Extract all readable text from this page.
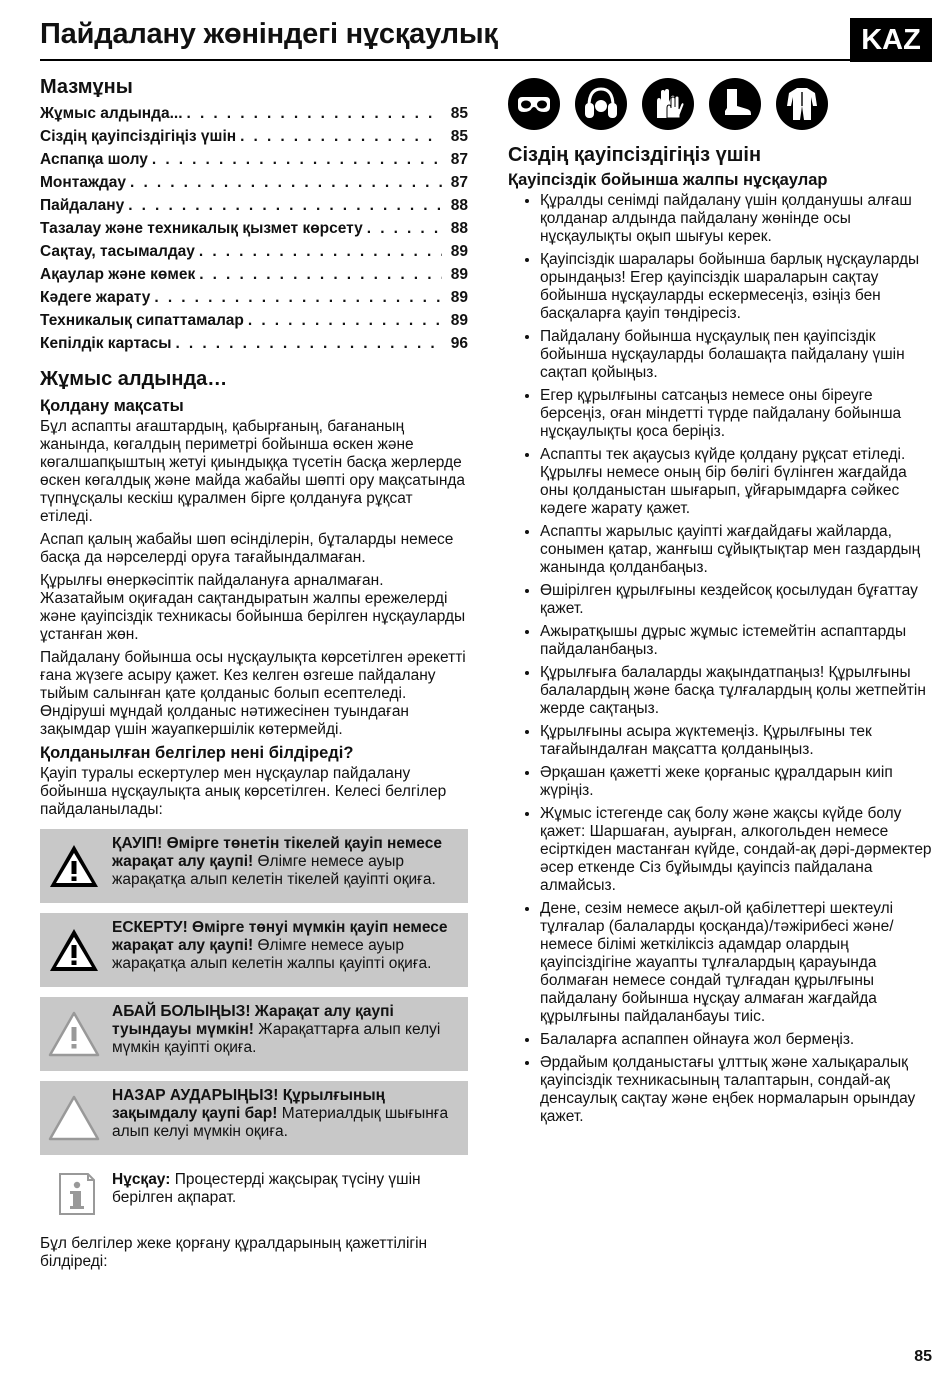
Пайдалану жөніндегі нұсқаулық	KAZ
Мазмұны
Жұмыс алдында... . . .	85
Сіздің қауіпсіздігіңіз үшін . . .	85
Аспапқа шолу . . .	87
Монтаждау . . .	87
Пайдалану . . .	88
Тазалау және техникалық қызмет көрсету . . .	88
Сақтау, тасымалдау . . .	89
Ақаулар және көмек . . .	89
Кәдеге жарату . . .	89
Техникалық сипаттамалар . . .	89
Кепілдік картасы . . .	96
Жұмыс алдында…
Қолдану мақсаты

Бұл аспапты ағаштардың, қабырғаның, бағананың жанында, көгалдың периметрі бойынша өскен және көгалшапқыштың жетуі қиындыққа түсетін басқа жерлерде өскен көгалдық және майда жабайы шөпті ору мақсатында түпнұсқалы кескіш құралмен бірге қолдануға рұқсат етіледі.

Аспап қалың жабайы шөп өсінділерін, бұталарды немесе басқа да нәрселерді оруға тағайындалмаған.

Құрылғы өнеркәсіптік пайдалануға арналмаған. Жазатайым оқиғадан сақтандыратын жалпы ережелерді және қауіпсіздік техникасы бойынша берілген нұсқауларды ұстанған жөн.

Пайдалану бойынша осы нұсқаулықта көрсетілген әрекетті ғана жүзеге асыру қажет. Кез келген өзгеше пайдалану тыйым салынған қате қолданыс болып есептеледі. Өндіруші мұндай қолданыс нәтижесінен туындаған зақымдар үшін жауапкершілік көтермейді.

Қолданылған белгілер нені білдіреді?

Қауіп туралы ескертулер мен нұсқаулар пайдалану бойынша нұсқаулықта анық көрсетілген. Келесі белгілер пайдаланылады:

ҚАУІП! Өмірге төнетін тікелей қауіп немесе жарақат алу қаупі! Өлімге немесе ауыр жарақатқа алып келетін тікелей қауіпті оқиға.
ЕСКЕРТУ! Өмірге төнуі мүмкін қауіп немесе жарақат алу қаупі! Өлімге немесе ауыр жарақатқа алып келетін жалпы қауіпті оқиға.
АБАЙ БОЛЫҢЫЗ! Жарақат алу қаупі туындауы мүмкін! Жарақаттарға алып келуі мүмкін қауіпті оқиға.
НАЗАР АУДАРЫҢЫЗ! Құрылғының зақымдалу қаупі бар! Материалдық шығынға алып келуі мүмкін оқиға.
Нұсқау: Процестерді жақсырақ түсіну үшін берілген ақпарат.

Бұл белгілер жеке қорғану құралдарының қажеттілігін білдіреді:

Сіздің қауіпсіздігіңіз үшін
Қауіпсіздік бойынша жалпы нұсқаулар
• Құралды сенімді пайдалану үшін қолданушы алғаш қолданар алдында пайдалану жөнінде осы нұсқаулықты оқып шығуы керек.
• Қауіпсіздік шаралары бойынша барлық нұсқауларды орындаңыз! Егер қауіпсіздік шараларын сақтау бойынша нұсқауларды ескермесеңіз, өзіңіз бен басқаларға қауіп төндіресіз.
• Пайдалану бойынша нұсқаулық пен қауіпсіздік бойынша нұсқауларды болашақта пайдалану үшін сақтап қойыңыз.
• Егер құрылғыны сатсаңыз немесе оны біреуге берсеңіз, оған міндетті түрде пайдалану бойынша нұсқаулықты қоса беріңіз.
• Аспапты тек ақаусыз күйде қолдану рұқсат етіледі. Құрылғы немесе оның бір бөлігі бүлінген жағдайда оны қолданыстан шығарып, ұйғарымдарға сәйкес кәдеге жарату қажет.
• Аспапты жарылыс қауіпті жағдайдағы жайларда, сонымен қатар, жанғыш сұйықтықтар мен газдардың жанында қолданбаңыз.
• Өшірілген құрылғыны кездейсоқ қосылудан бұғаттау қажет.
• Ажыратқышы дұрыс жұмыс істемейтін аспаптарды пайдаланбаңыз.
• Құрылғыға балаларды жақындатпаңыз! Құрылғыны балалардың және басқа тұлғалардың қолы жетпейтін жерде сақтаңыз.
• Құрылғыны асыра жүктемеңіз. Құрылғыны тек тағайындалған мақсатта қолданыңыз.
• Әрқашан қажетті жеке қорғаныс құралдарын киіп жүріңіз.
• Жұмыс істегенде сақ болу және жақсы күйде болу қажет: Шаршаған, ауырған, алкогольден немесе есірткіден мастанған күйде, сондай-ақ дәрі-дәрмектер әсер еткенде Сіз бұйымды қауіпсіз пайдалана алмайсыз.
• Дене, сезім немесе ақыл-ой қабілеттері шектеулі тұлғалар (балаларды қосқанда)/тәжірибесі және/немесе білімі жеткіліксіз адамдар олардың қауіпсіздігіне жауапты тұлғалардың қарауында болмаған немесе сондай тұлғадан құрылғыны пайдалану бойынша нұсқау алмаған жағдайда құрылғыны пайдаланбауы тиіс.
• Балаларға аспаппен ойнауға жол бермеңіз.
• Әрдайым қолданыстағы ұлттық және халықаралық қауіпсіздік техникасының талаптарын, сондай-ақ денсаулық сақтау және еңбек нормаларын орындау қажет.
85
